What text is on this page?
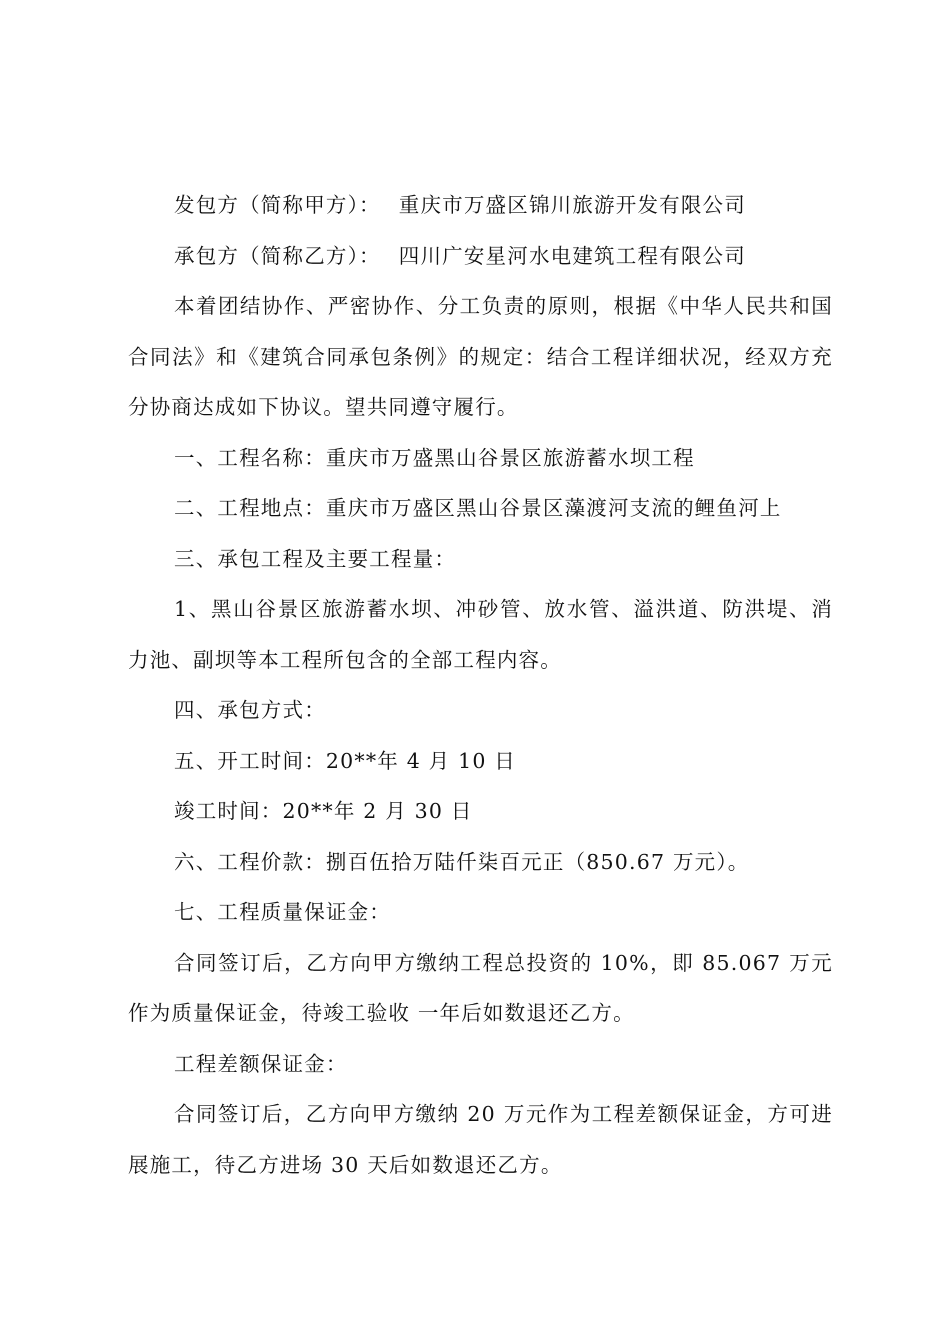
发包方（简称甲方）： 重庆市万盛区锦川旅游开发有限公司

承包方（简称乙方）： 四川广安星河水电建筑工程有限公司

本着团结协作、严密协作、分工负责的原则，根据《中华人民共和国合同法》和《建筑合同承包条例》的规定：结合工程详细状况，经双方充分协商达成如下协议。望共同遵守履行。

一、工程名称：重庆市万盛黑山谷景区旅游蓄水坝工程

二、工程地点：重庆市万盛区黑山谷景区藻渡河支流的鲤鱼河上

三、承包工程及主要工程量：

1、黑山谷景区旅游蓄水坝、冲砂管、放水管、溢洪道、防洪堤、消力池、副坝等本工程所包含的全部工程内容。

四、承包方式：

五、开工时间：20**年 4 月 10 日

竣工时间：20**年 2 月 30 日

六、工程价款：捌百伍拾万陆仟柒百元正（850.67 万元）。

七、工程质量保证金：

合同签订后，乙方向甲方缴纳工程总投资的 10%，即 85.067 万元作为质量保证金，待竣工验收 一年后如数退还乙方。

工程差额保证金：

合同签订后，乙方向甲方缴纳 20 万元作为工程差额保证金，方可进展施工，待乙方进场 30 天后如数退还乙方。
